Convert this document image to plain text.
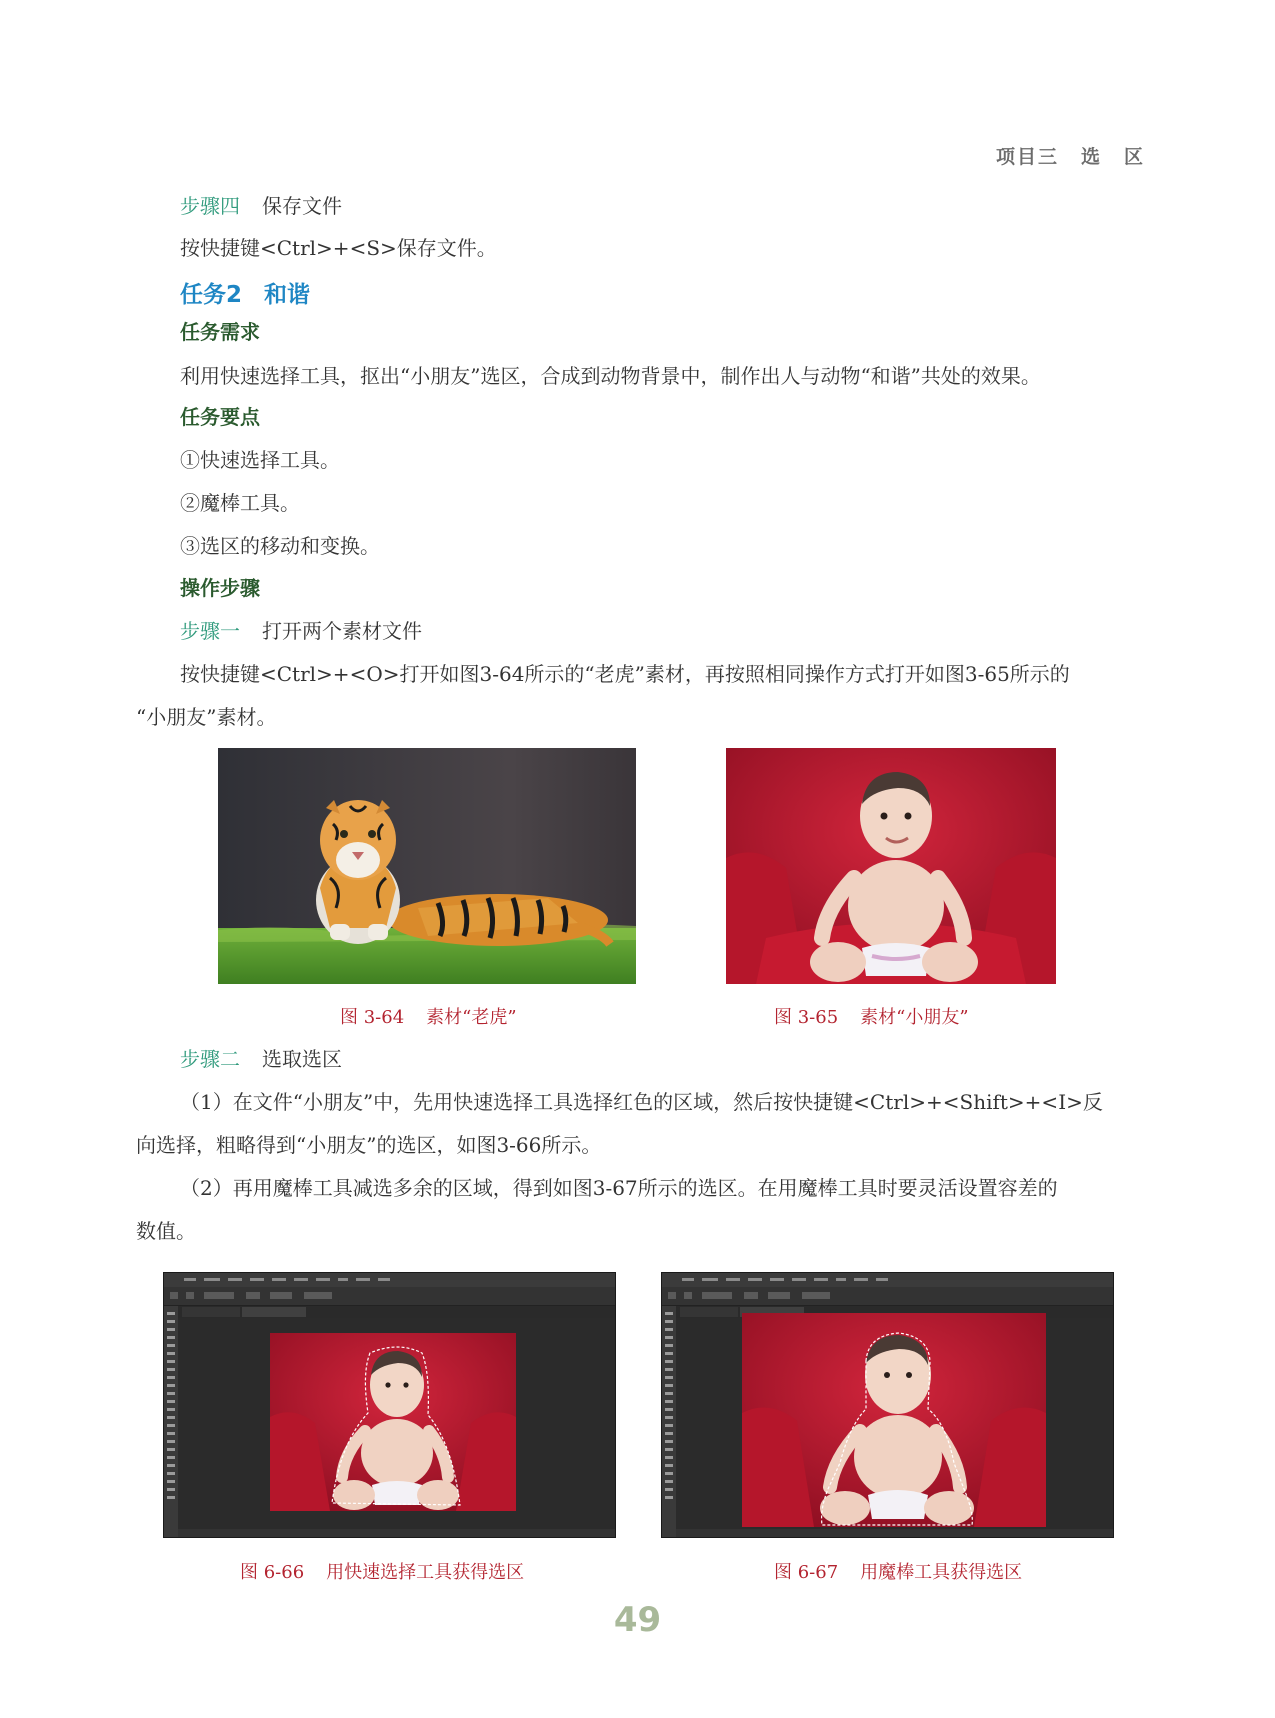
项目三 选 区
步骤四 保存文件
按快捷键<Ctrl>+<S>保存文件。
任务2 和谐
任务需求
利用快速选择工具，抠出“小朋友”选区，合成到动物背景中，制作出人与动物“和谐”共处的效果。
任务要点
①快速选择工具。
②魔棒工具。
③选区的移动和变换。
操作步骤
步骤一 打开两个素材文件
按快捷键<Ctrl>+<O>打开如图3-64所示的“老虎”素材，再按照相同操作方式打开如图3-65所示的
“小朋友”素材。
图 3-64 素材“老虎”	图 3-65 素材“小朋友”
步骤二 选取选区
（1）在文件“小朋友”中，先用快速选择工具选择红色的区域，然后按快捷键<Ctrl>+<Shift>+<I>反
向选择，粗略得到“小朋友”的选区，如图3-66所示。
（2）再用魔棒工具减选多余的区域，得到如图3-67所示的选区。在用魔棒工具时要灵活设置容差的
数值。
图 6-66 用快速选择工具获得选区	图 6-67 用魔棒工具获得选区
49
